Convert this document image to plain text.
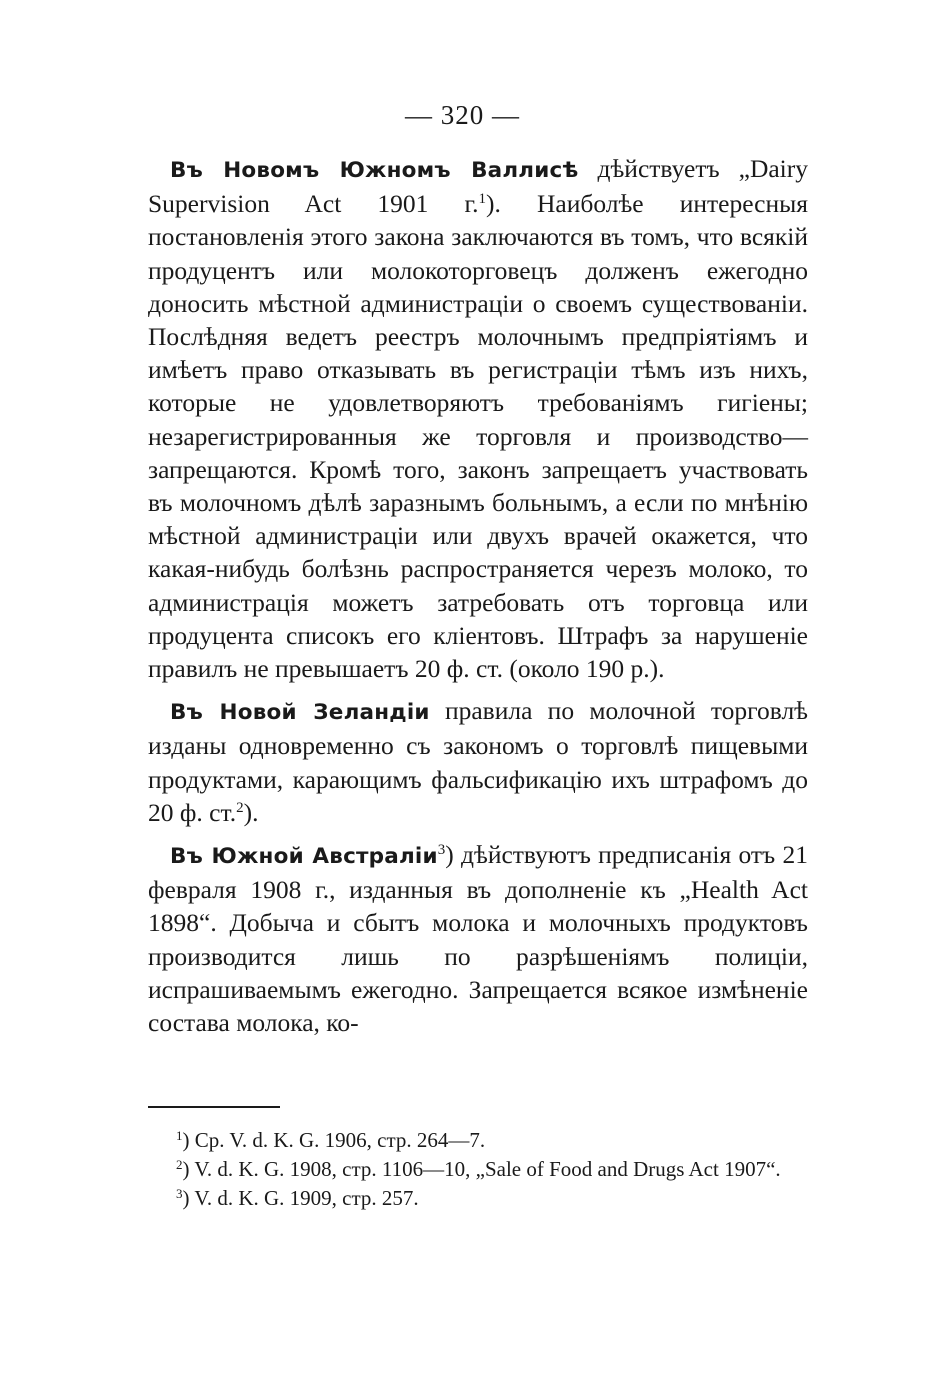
— 320 —

Въ Новомъ Южномъ Валлисѣ дѣйствуетъ „Dairy Supervision Act 1901 г.$^1$). Наиболѣе интересныя постановленія этого закона заключаются въ томъ, что всякій продуцентъ или молокоторговецъ долженъ ежегодно доносить мѣстной администраціи о своемъ существованіи. Послѣдняя ведетъ реестръ молочнымъ предпріятіямъ и имѣетъ право отказывать въ регистраціи тѣмъ изъ нихъ, которые не удовлетворяютъ требованіямъ гигіены; незарегистрированныя же торговля и производство—запрещаются. Кромѣ того, законъ запрещаетъ участвовать въ молочномъ дѣлѣ заразнымъ больнымъ, а если по мнѣнію мѣстной администраціи или двухъ врачей окажется, что какая-нибудь болѣзнь распространяется черезъ молоко, то администрація можетъ затребовать отъ торговца или продуцента списокъ его кліентовъ. Штрафъ за нарушеніе правилъ не превышаетъ 20 ф. ст. (около 190 р.).

Въ Новой Зеландіи правила по молочной торговлѣ изданы одновременно съ закономъ о торговлѣ пищевыми продуктами, карающимъ фальсификацію ихъ штрафомъ до 20 ф. ст.$^2$).

Въ Южной Австраліи$^3$) дѣйствуютъ предписанія отъ 21 февраля 1908 г., изданныя въ дополненіе къ „Health Act 1898“. Добыча и сбытъ молока и молочныхъ продуктовъ производится лишь по разрѣшеніямъ полиціи, испрашиваемымъ ежегодно. Запрещается всякое измѣненіе состава молока, ко-

$^1$) Cp. V. d. K. G. 1906, стр. 264—7.

$^2$) V. d. K. G. 1908, стр. 1106—10, „Sale of Food and Drugs Act 1907“.

$^3$) V. d. K. G. 1909, стр. 257.
